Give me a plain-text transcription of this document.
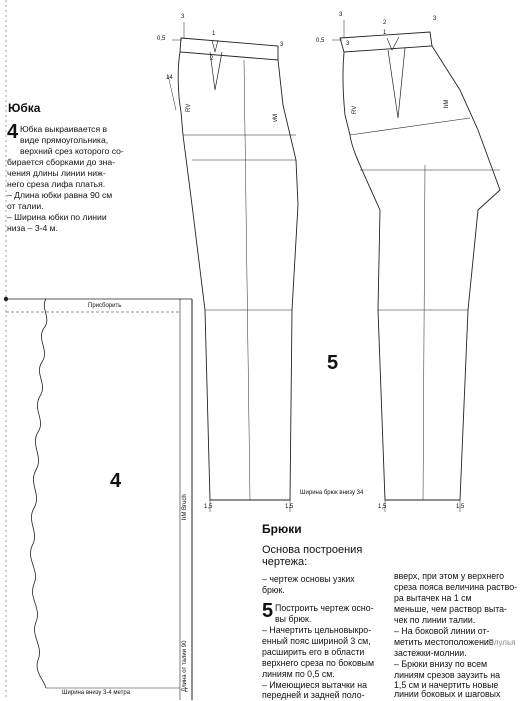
3
0,5
1
2
3
14
RV
vM
1,5	1,5
3
0,5	3
2
1
3
RV
hM
1,5	1,5
Ширина брюк внизу 34
5
Юбка
4 Юбка выкраивается в
виде прямоугольника,
верхний срез которого со-
бирается сборками до зна-
чения длины линии ниж-
него среза лифа платья.
– Длина юбки равна 90 см
от талии.
– Ширина юбки по линии
низа – 3-4 м.
Присборить
Ширина внизу 3-4 метра
Длина от талии 90
hM Bruch
4
Брюки
Основа построения
чертежа:
– чертеж основы узких
брюк.
5 Построить чертеж осно-
вы брюк.
– Начертить цельновыкро-
енный пояс шириной 3 см,
расширить его в области
верхнего среза по боковым
линиям по 0,5 см.
– Имеющиеся вытачки на
передней и задней поло-
вверх, при этом у верхнего
среза пояса величина раство-
ра вытачек на 1 см
меньше, чем раствор выта-
чек по линии талии.
– На боковой линии от-
метить местоположение
застежки-молнии.
– Брюки внизу по всем
линиям срезов заузить на
1,5 см и начертить новые
линии боковых и шаговых
Ялулья
